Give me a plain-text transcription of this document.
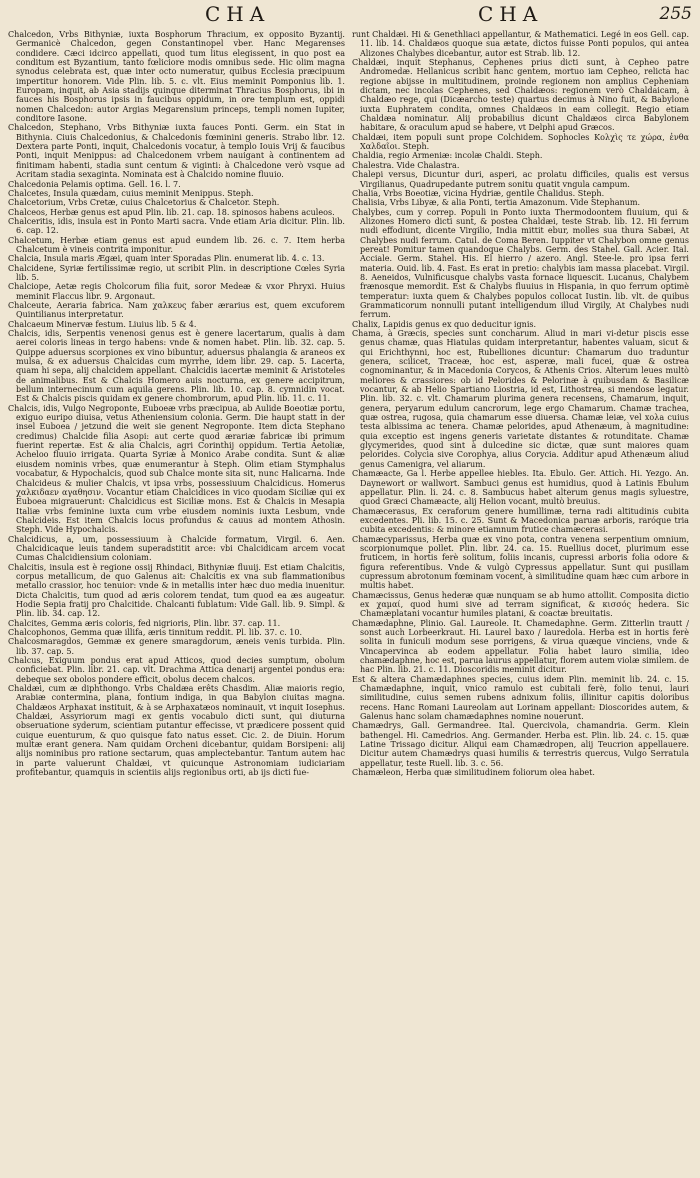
CHA	CHA	255

Chalcedon, Vrbs Bithyniæ, iuxta Bosphorum Thracium, ex opposito Byzantij. Germanicè Chalcedon, gegen Constantinopel vber. Hanc Megarenses condidere. Cæci idcirco appellati, quod tum litus elegissent, in quo post ea conditum est Byzantium, tanto fœliciore modis omnibus sede. Hic olim magna synodus celebrata est, quæ inter octo numeratur, quibus Ecclesia præcipuum impertitur honorem. Vide Plin. lib. 5. c. vlt. Eius meminit Pomponius lib. 1. Europam, inquit, ab Asia stadijs quinque diterminat Thracius Bosphorus, ibi in fauces his Bosphorus ipsis in faucibus oppidum, in ore templum est, oppidi nomen Chalcedon: autor Argias Megarensium princeps, templi nomen Iupiter, conditore Iasone.

Chalcedon, Stephano, Vrbs Bithyniæ iuxta fauces Ponti. Germ. ein Stat in Bithynia. Ciuis Chalcedonius, & Chalcedonis fœminini generis. Strabo libr. 12. Dextera parte Ponti, inquit, Chalcedonis vocatur, à templo Iouis Vrij & faucibus Ponti, inquit Menippus: ad Chalcedonem vrbem nauigant à continentem ad finitimam habenti, stadia sunt centum & viginti: à Chalcedone verò vsque ad Acritam stadia sexaginta. Nominata est à Chalcido nomine fluuio.

Chalcedonia Pelamis optima. Gell. 16. l. 7.

Chalcetes, Insula quædam, cuius meminit Menippus. Steph.

Chalcetorium, Vrbs Cretæ, cuius Chalcetorius & Chalcetor. Steph.

Chalceos, Herbæ genus est apud Plin. lib. 21. cap. 18. spinosos habens aculeos.

Chalceritis, idis, insula est in Ponto Marti sacra. Vnde etiam Aria dicitur. Plin. lib. 6. cap. 12.

Chalcetum, Herbæ etiam genus est apud eundem lib. 26. c. 7. Item herba Chalcetum è vineis contrita imponitur.

Chalcia, Insula maris Ægæi, quam inter Sporadas Plin. enumerat lib. 4. c. 13.

Chalcidene, Syriæ fertilissimæ regio, ut scribit Plin. in descriptione Cœles Syria lib. 5.

Chalciope, Aetæ regis Cholcorum filia fuit, soror Medeæ & vxor Phryxi. Huius meminit Flaccus libr. 9. Argonaut.

Chalceute, Aeraria fabrica. Nam χαλκευς faber ærarius est, quem excuforem Quintilianus interpretatur.

Chalcaeum Minervæ festum. Liuius lib. 5 & 4.

Chalcis, idis, Serpentis venenosi genus est è genere lacertarum, qualis à dam aerei coloris lineas in tergo habens: vnde & nomen habet. Plin. lib. 32. cap. 5. Quippe aduersus scorpiones ex vino bibuntur, aduersus phalangia & araneos ex mulsa, & ex aduersus Chalcidas cum myrrhe, idem libr. 29. cap. 5. Lacerta, quam hi sepa, alij chalcidem appellant. Chalcidis iacertæ meminit & Aristoteles de animalibus. Est & Chalcis Homero auis nocturna, ex genere accipitrum, bellum internecinum cum aquila gerens. Plin. lib. 10. cap. 8. cymnidin vocat. Est & Chalcis piscis quidam ex genere chombrorum, apud Plin. lib. 11. c. 11.

Chalcis, idis, Vulgo Negroponte, Euboeæ vrbs præcipua, ab Aulide Boeotiæ portu, exiguo euripo diuisa, vetus Atheniensium colonia. Germ. Die haupt statt in der insel Euboea / jetzund die weit sie genent Negroponte. Item dicta Stephano credimus) Chalcide filia Asopi: aut certe quod ærariæ fabricæ ibi primum fuerint repertæ. Est & alia Chalcis, agri Corinthij oppidum. Tertia Aetoliæ, Acheloo fluuio irrigata. Quarta Syriæ à Monico Arabe condita. Sunt & aliæ eiusdem nominis vrbes, quæ enumerantur à Steph. Olim etiam Stymphalus vocabatur, & Hypochalcis, quod sub Chalce monte sita sit, nunc Halicarna. Inde Chalcideus & mulier Chalcis, vt ipsa vrbs, possessiuum Chalcidicus. Homerus χαλκιδαεν αγαθησιν. Vocantur etiam Chalcidices in vico quodam Siciliæ qui ex Euboea migrauerunt: Chalcidicus est Siciliæ mons. Est & Chalcis in Mesapia Italiæ vrbs feminine iuxta cum vrbe eiusdem nominis iuxta Lesbum, vnde Chalcideis. Est item Chalcis locus profundus & cauus ad montem Athosin. Steph. Vide Hypochalcis.

Chalcidicus, a, um, possessiuum à Chalcide formatum, Virgil. 6. Aen. Chalcidicaque leuis tandem superadstitit arce: vbi Chalcidicam arcem vocat Cumas Chalcidiensium coloniam.

Chalcitis, insula est è regione ossij Rhindaci, Bithyniæ fluuij. Est etiam Chalcitis, corpus metallicum, de quo Galenus ait: Chalcitis ex vna sub flammationibus metallo crassior, hoc tenuior: vnde & in metallis inter hæc duo media inuenitur. Dicta Chalcitis, tum quod ad æris colorem tendat, tum quod ea æs augeatur. Hodie Sepia fratij pro Chalcitide. Chalcanti fublatum: Vide Gall. lib. 9. Simpl. & Plin. lib. 34. cap. 12.

Chalcites, Gemma æris coloris, fed nigrioris, Plin. libr. 37. cap. 11.

Chalcophonos, Gemma quæ illifa, æris tinnitum reddit. Pl. lib. 37. c. 10.

Chalcosmaragdos, Gemmæ ex genere smaragdorum, æneis venis turbida. Plin. lib. 37. cap. 5.

Chalcus, Exiguum pondus erat apud Atticos, quod decies sumptum, obolum conficiebat. Plin. libr. 21. cap. vlt. Drachma Attica denarij argentei pondus era: debeque sex obolos pondere efficit, obolus decem chalcos.

Chaldæi, cum æ diphthongo. Vrbs Chaldæa erêts Chasdim. Aliæ maioris regio, Arabiæ contermina, plana, fontium indiga, in qua Babylon ciuitas magna. Chaldæos Arphaxat instituit, & à se Arphaxatæos nominauit, vt inquit Iosephus. Chaldæi, Assyriorum magi ex gentis vocabulo dicti sunt, qui diuturna obseruatione syderum, scientiam putantur effecisse, vt prædicere possent quid cuique euenturum, & quo quisque fato natus esset. Cic. 2. de Diuin. Horum multæ erant genera. Nam quidam Orcheni dicebantur, quidam Borsipeni: alij alijs nominibus pro ratione sectarum, quas amplectebantur. Tantum autem hac in parte valuerunt Chaldæi, vt quicunque Astronomiam iudiciariam profitebantur, quamquis in scientiis alijs regionibus orti, ab ijs dicti fue-

runt Chaldæi. Hi & Genethliaci appellantur, & Mathematici. Legé in eos Gell. cap. 11. lib. 14. Chaldæos quoque sua ætate, dictos fuisse Ponti populos, qui antea Alizones Chalybes dicebantur, autor est Strab. lib. 12.

Chaldæi, inquit Stephanus, Cephenes prius dicti sunt, à Cepheo patre Andromedæ. Hellanicus scribit hanc gentem, mortuo iam Cepheo, relicta hac regione abijsse in multitudinem, proinde regionem non amplius Cepheniam dictam, nec incolas Cephenes, sed Chaldæos: regionem verò Chaldaicam, à Chaldæo rege, qui (Dicæarcho teste) quartus decimus à Nino fuit, & Babylone iuxta Euphratem condita, omnes Chaldæos in eam collegit. Regio etiam Chaldæa nominatur. Alij probabilius dicunt Chaldæos circa Babylonem habitare, & oraculum apud se habere, vt Delphi apud Græcos.

Chaldæi, item populi sunt prope Colchidem. Sophocles Κολχὶς τε χώρα, ἐνθα Χαλδαῖοι. Steph.

Chaldia, regio Armeniæ: incolæ Chaldi. Steph.

Chalestra. Vide Chalastra.

Chalepi versus, Dicuntur duri, asperi, ac prolatu difficiles, qualis est versus Virgilianus, Quadrupedante putrem sonitu quatit vngula campum.

Chalia, Vrbs Boeotiæ, vicina Hydriæ, gentile Chalidus. Steph.

Chalisia, Vrbs Libyæ, & alia Ponti, tertia Amazonum. Vide Stephanum.

Chalybes, cum y correp. Populi in Ponto iuxta Thermodoontem fluuium, qui & Alizones Homero dicti sunt, & postea Chaldæi, teste Strab. lib. 12. Hi ferrum nudi effodiunt, dicente Virgilio, India mittit ebur, molles sua thura Sabæi, At Chalybes nudi ferrum. Catul. de Coma Beren. Iuppiter vt Chalybon omne genus pereat! Pomitur tamen quandoque Chalybs. Germ. des Stahel. Gall. Acier. Ital. Acciale. Germ. Stahel. His. El hierro / azero. Angl. Stee-le. pro ipsa ferri materia. Ouid. lib. 4. Fast. Es erat in pretio: chalybis iam massa placebat. Virgil. 8. Aeneidos, Vulnificusque chalybs vasta fornace liquescit. Lucanus, Chalybem frænosque memordit. Est & Chalybs fluuius in Hispania, in quo ferrum optimè temperatur: iuxta quem & Chalybes populos collocat Iustin. lib. vlt. de quibus Grammaticorum nonnulli putant intelligendum illud Virgily, At Chalybes nudi ferrum.

Chalix, Lapidis genus ex quo deducitur ignis.

Chama, à Græcis, species sunt concharum. Aliud in mari vi-detur piscis esse genus chamæ, quas Hiatulas quidam interpretantur, habentes valuam, sicut & qui Erichthynni, hoc est, Rubelliones dicuntur: Chamarum duo traduntur genera, scilicet, Traceæ, hoc est, asperæ, mali fucei, quæ & ostrea cognominantur, & in Macedonia Corycos, & Athenis Crios. Alterum leues multò meliores & crassiores: ob id Pelorides & Pelorinæ à quibusdam & Basilicæ vocantur, & ab Helio Spartiano Liostria, id est, Lithostrea, si mendose legatur. Plin. lib. 32. c. vlt. Chamarum plurima genera recensens, Chamarum, inquit, genera, peryarum edulum cancrorum, lege ergo Chamarum. Chamæ trachea, quæ ostrea, rugosa, quia chamarum esse diuersa. Chamæ leiæ, vel xoλa cuius testa albissima ac tenera. Chamæ pelorides, apud Athenæum, à magnitudine: quia exceptio est ingens generis varietate distantes & rotunditate. Chamæ glycymerides, quod sint à dulcedine sic dictæ, quæ sunt maiores quam pelorides. Colycia sive Corophya, alius Corycia. Additur apud Athenæum aliud genus Camenigra, vel aliarum.

Chamæacte, Ga l. Herbe appellee hiebles. Ita. Ebulo. Ger. Attich. Hi. Yezgo. An. Daynewort or wallwort. Sambuci genus est humidius, quod à Latinis Ebulum appellatur. Plin. li. 24. c. 8. Sambucus habet alterum genus magis syluestre, quod Græci Chamæacte, alij Helion vocant, multò breuius.

Chamæcerasus, Ex ceraforum genere humillimæ, terna radi altitudinis cubita excedentes. Pli. lib. 15. c. 25. Sunt & Macedonica paruæ arboris, raróque tria cubita excedentis: & minore etiamnum frutice chamæcerasi.

Chamæcyparissus, Herba quæ ex vino pota, contra venena serpentium omnium, scorpionumque pollet. Plin. libr. 24. ca. 15. Ruellius docet, plurimum esse fruticem, in hortis ferè solitum, foliis incanis, cupressi arboris folia odore & figura referentibus. Vnde & vulgò Cypressus appellatur. Sunt qui pusillam cupressum abrotonum fœminam vocent, à similitudine quam hæc cum arbore in multis habet.

Chamæcissus, Genus hederæ quæ nunquam se ab humo attollit. Composita dictio ex χαμαί, quod humi sive ad terram significat, & κισσός hedera. Sic Chamæplatani vocantur humiles platani, & coactæ breuitatis.

Chamædaphne, Plinio. Gal. Laureole. It. Chamedaphne. Germ. Zitterlin trautt / sonst auch Lorbeerkraut. Hi. Laurel baxo / lauredola. Herba est in hortis ferè solita in funiculi modum sese porrigens, & virua quæque vinciens, vnde & Vincapervinca ab eodem appellatur. Folia habet lauro similia, ideo chamædaphne, hoc est, parua laurus appellatur, florem autem violæ similem. de hac Plin. lib. 21. c. 11. Dioscoridis meminit dicitur.

Est & altera Chamædaphnes species, cuius idem Plin. meminit lib. 24. c. 15. Chamædaphne, inquit, vnico ramulo est cubitali ferè, folio tenui, lauri similitudine, cuius semen rubens adnixum foliis, illinitur capitis doloribus recens. Hanc Romani Laureolam aut Lorinam appellant: Dioscorides autem, & Galenus hanc solam chamædaphnes nomine nouerunt.

Chamædrys, Gall. Germandree. Ital. Quercivola, chamandria. Germ. Klein bathengel. Hi. Camedrios. Ang. Germander. Herba est. Plin. lib. 24. c. 15. quæ Latine Trissago dicitur. Aliqui eam Chamædropen, alij Teucrion appellauere. Dicitur autem Chamædrys quasi humilis & terrestris quercus, Vulgo Serratula appellatur, teste Ruell. lib. 3. c. 56.

Chamæleon, Herba quæ similitudinem foliorum olea habet.
